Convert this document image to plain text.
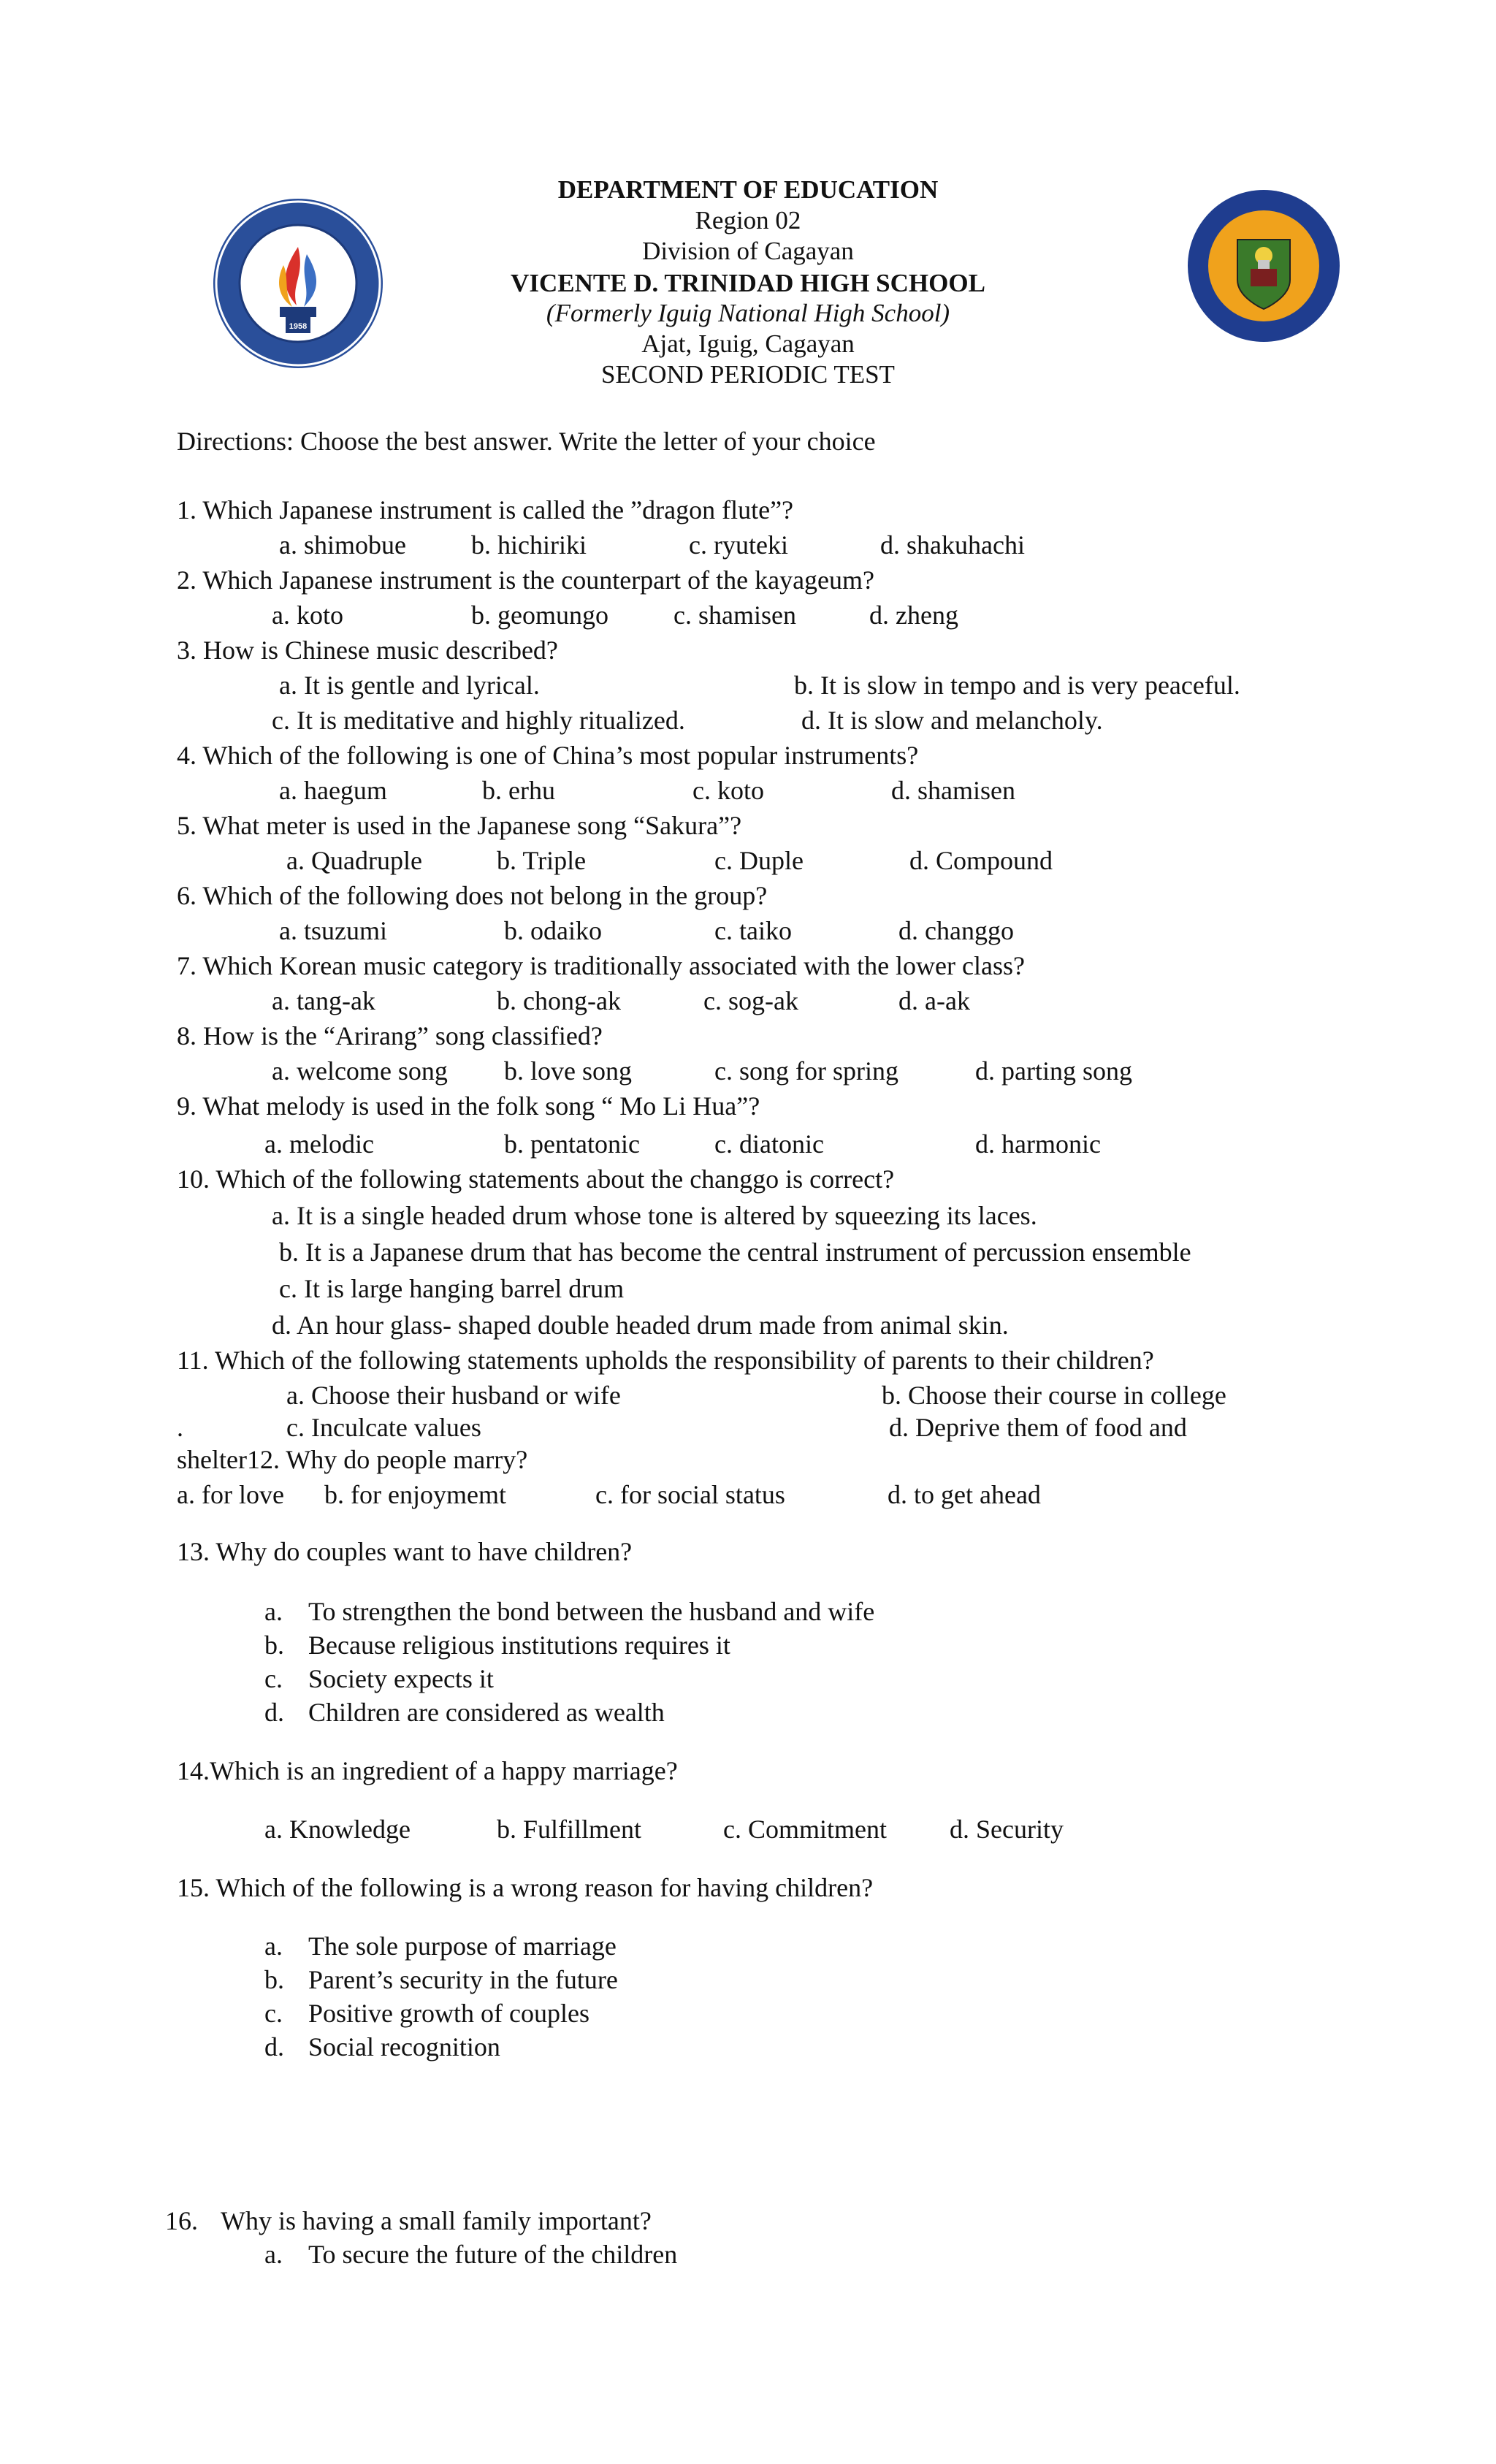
1958
DEPARTMENT OF EDUCATION
Region 02
Division of Cagayan
VICENTE D. TRINIDAD HIGH SCHOOL
(Formerly Iguig National High School)
Ajat, Iguig, Cagayan
SECOND PERIODIC TEST
Directions: Choose the best answer. Write the letter of your choice
1. Which Japanese instrument is called the ”dragon flute”?
a. shimobue b. hichiriki	c. ryuteki	d. shakuhachi
2. Which Japanese instrument is the counterpart of the kayageum?
a. koto	b. geomungo c. shamisen	d. zheng
3. How is Chinese music described?
a. It is gentle and lyrical.	b. It is slow in tempo and is very peaceful.
c. It is meditative and highly ritualized.	d. It is slow and melancholy.
4. Which of the following is one of China’s most popular instruments?
a. haegum	b. erhu	c. koto	d. shamisen
5. What meter is used in the Japanese song “Sakura”?
a. Quadruple	b. Triple	c. Duple	d. Compound
6. Which of the following does not belong in the group?
a. tsuzumi	b. odaiko	c. taiko	d. changgo
7. Which Korean music category is traditionally associated with the lower class?
a. tang-ak	b. chong-ak	c. sog-ak	d. a-ak
8. How is the “Arirang” song classified?
a. welcome song b. love song	c. song for spring	d. parting song
9. What melody is used in the folk song “ Mo Li Hua”?
a. melodic	b. pentatonic	c. diatonic	d. harmonic
10. Which of the following statements about the changgo is correct?
a. It is a single headed drum whose tone is altered by squeezing its laces.
b. It is a Japanese drum that has become the central instrument of percussion ensemble
c. It is large hanging barrel drum
d. An hour glass- shaped double headed drum made from animal skin.
11. Which of the following statements upholds the responsibility of parents to their children?
a. Choose their husband or wife	b. Choose their course in college
.	c. Inculcate values	d. Deprive them of food and
shelter12. Why do people marry?
a. for love b. for enjoymemt	c. for social status	d. to get ahead
13. Why do couples want to have children?
a. To strengthen the bond between the husband and wife
b. Because religious institutions requires it
c. Society expects it
d. Children are considered as wealth
14.Which is an ingredient of a happy marriage?
a. Knowledge	b. Fulfillment	c. Commitment d. Security
15. Which of the following is a wrong reason for having children?
a. The sole purpose of marriage
b. Parent’s security in the future
c. Positive growth of couples
d. Social recognition
16. Why is having a small family important?
a. To secure the future of the children
